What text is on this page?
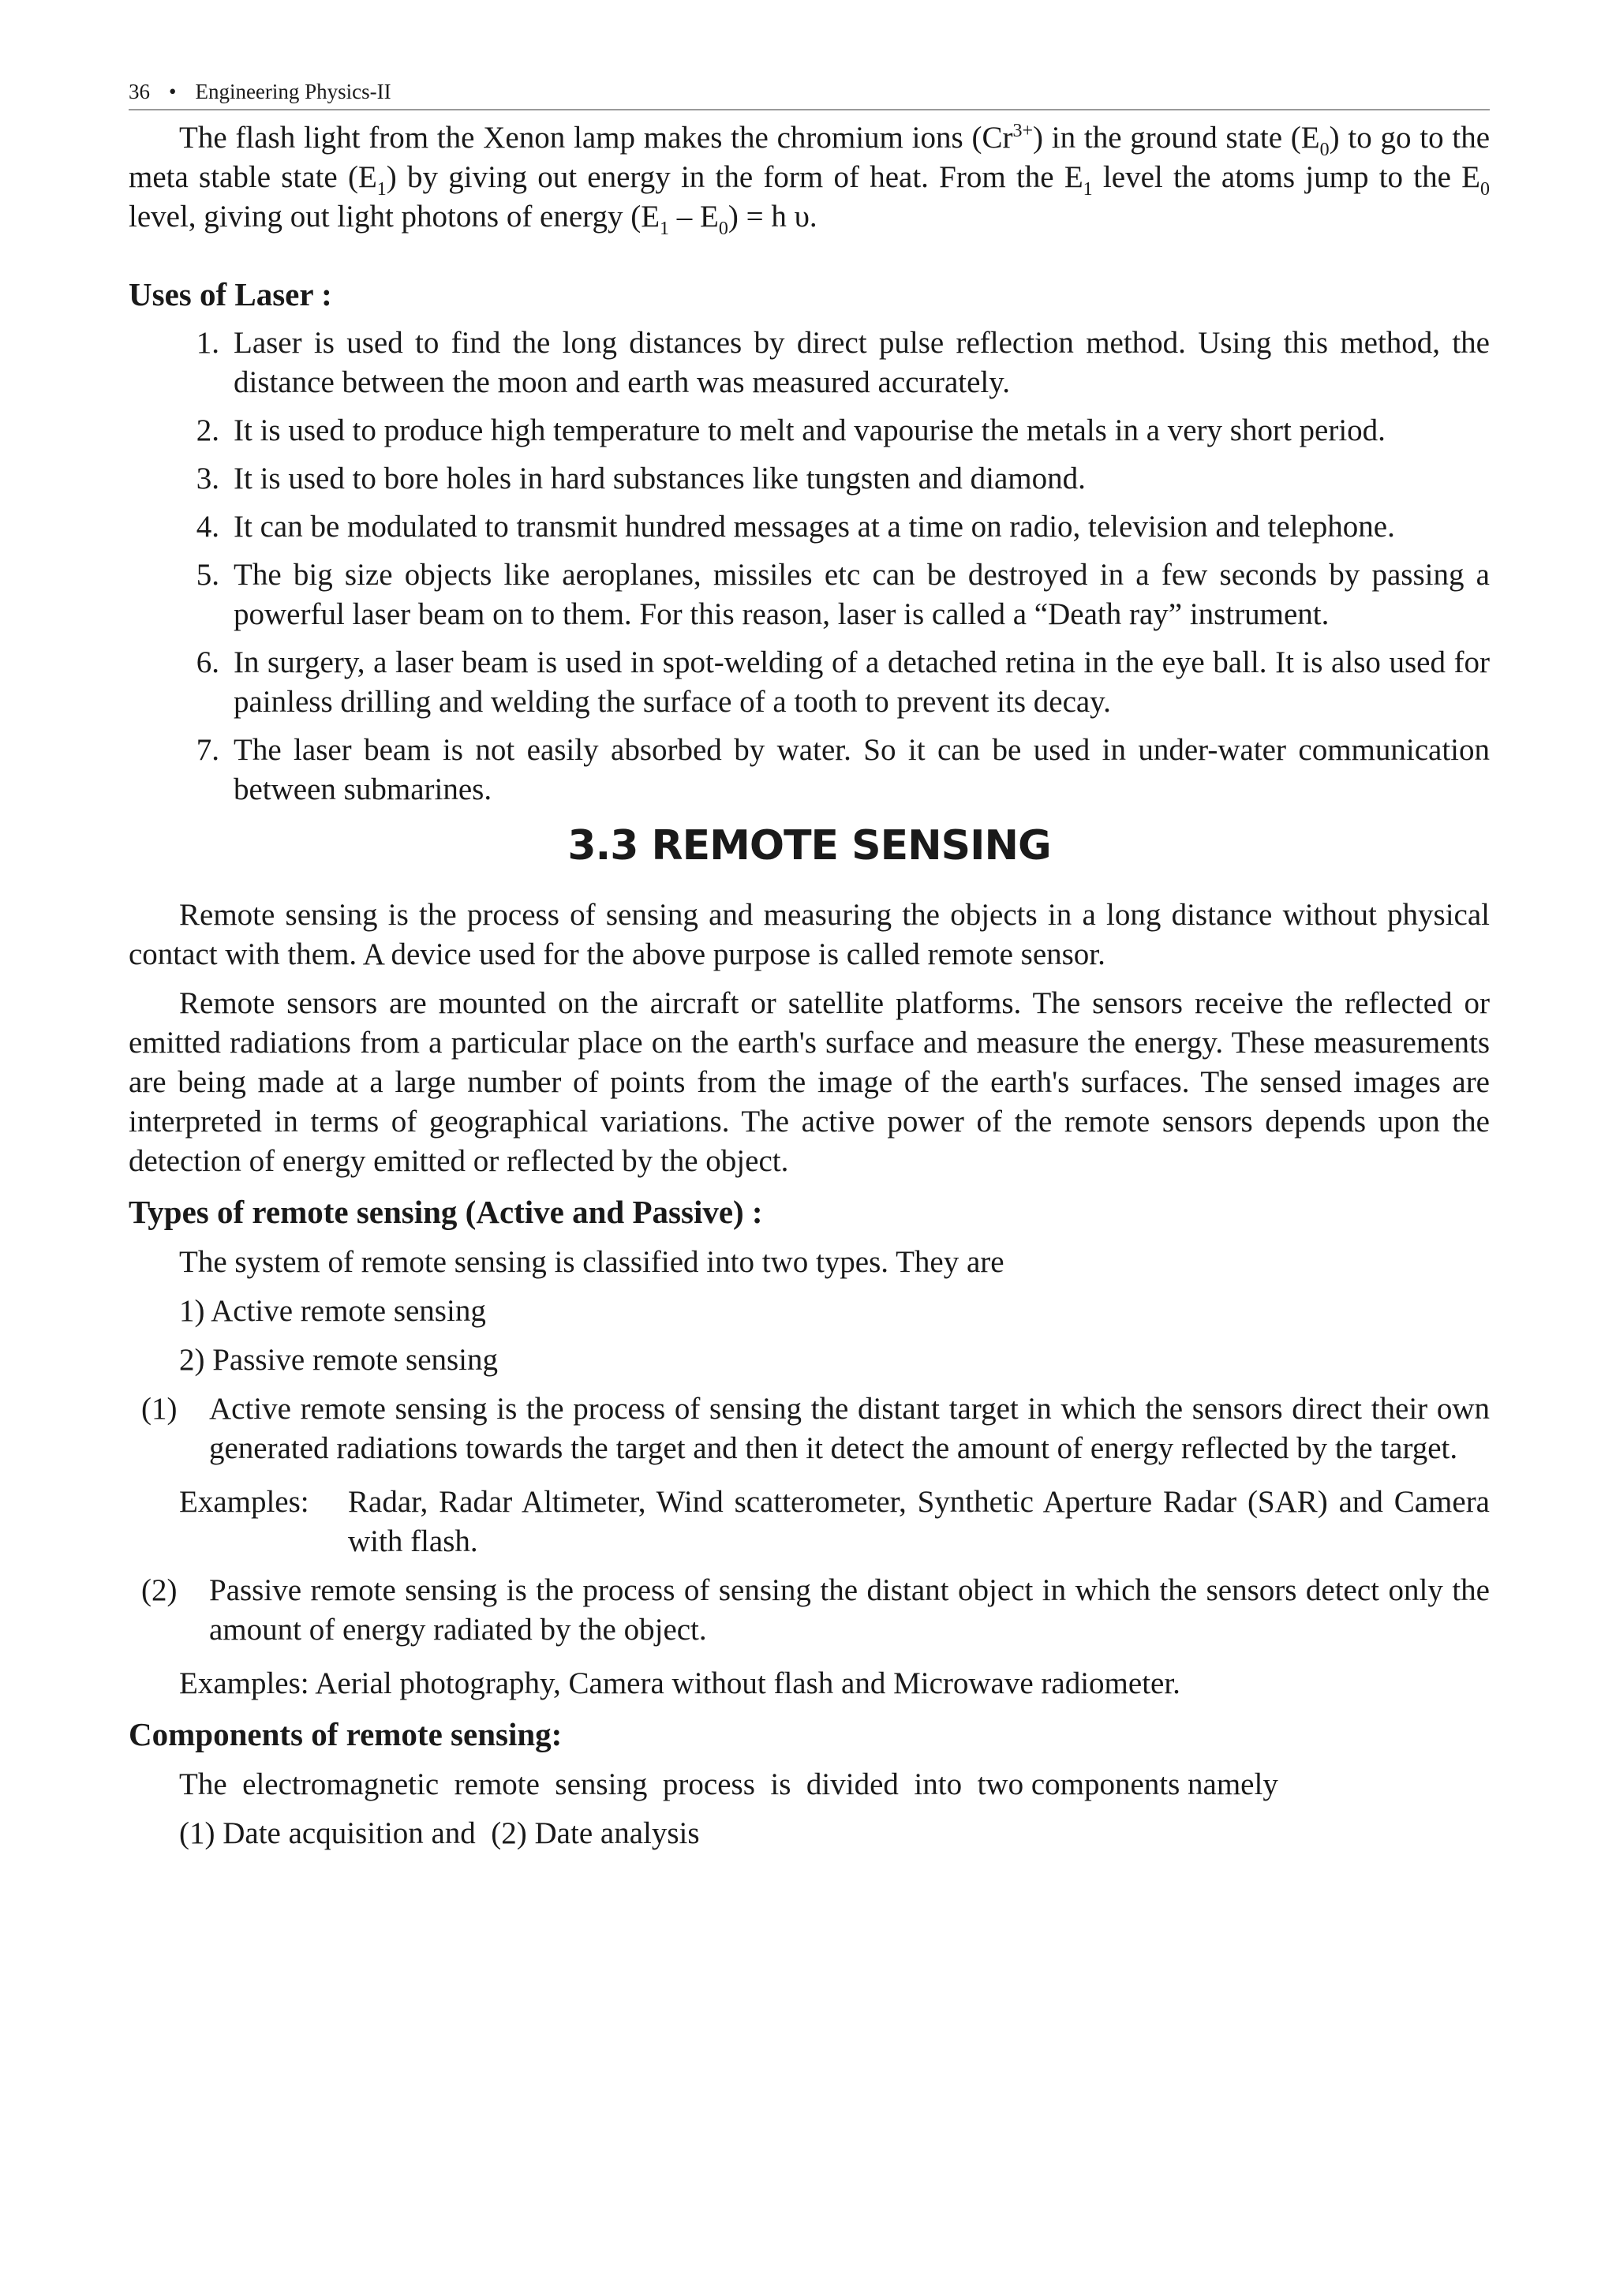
36 • Engineering Physics-II

The flash light from the Xenon lamp makes the chromium ions $(Cr^{3+})$ in the ground state $(E_0)$ to go to the meta stable state $(E_1)$ by giving out energy in the form of heat. From the $E_1$ level the atoms jump to the $E_0$ level, giving out light photons of energy $(E_1 - E_0) = h$ υ.

Uses of Laser :
1. Laser is used to find the long distances by direct pulse reflection method. Using this method, the distance between the moon and earth was measured accurately.
2. It is used to produce high temperature to melt and vapourise the metals in a very short period.
3. It is used to bore holes in hard substances like tungsten and diamond.
4. It can be modulated to transmit hundred messages at a time on radio, television and telephone.
5. The big size objects like aeroplanes, missiles etc can be destroyed in a few seconds by passing a powerful laser beam on to them. For this reason, laser is called a “Death ray” instrument.
6. In surgery, a laser beam is used in spot-welding of a detached retina in the eye ball. It is also used for painless drilling and welding the surface of a tooth to prevent its decay.
7. The laser beam is not easily absorbed by water. So it can be used in under-water communication between submarines.
3.3 REMOTE SENSING

Remote sensing is the process of sensing and measuring the objects in a long distance without physical contact with them. A device used for the above purpose is called remote sensor.

Remote sensors are mounted on the aircraft or satellite platforms. The sensors receive the reflected or emitted radiations from a particular place on the earth's surface and measure the energy. These measurements are being made at a large number of points from the image of the earth's surfaces. The sensed images are interpreted in terms of geographical variations. The active power of the remote sensors depends upon the detection of energy emitted or reflected by the object.

Types of remote sensing (Active and Passive) :
The system of remote sensing is classified into two types. They are
1) Active remote sensing
2) Passive remote sensing
(1)	Active remote sensing is the process of sensing the distant target in which the sensors direct their own generated radiations towards the target and then it detect the amount of energy reflected by the target.
Examples:	Radar, Radar Altimeter, Wind scatterometer, Synthetic Aperture Radar (SAR) and Camera with flash.
(2)	Passive remote sensing is the process of sensing the distant object in which the sensors detect only the amount of energy radiated by the object.
Examples: Aerial photography, Camera without flash and Microwave radiometer.
Components of remote sensing:
The  electromagnetic  remote  sensing  process  is  divided  into  two components namely
(1) Date acquisition and  (2) Date analysis
